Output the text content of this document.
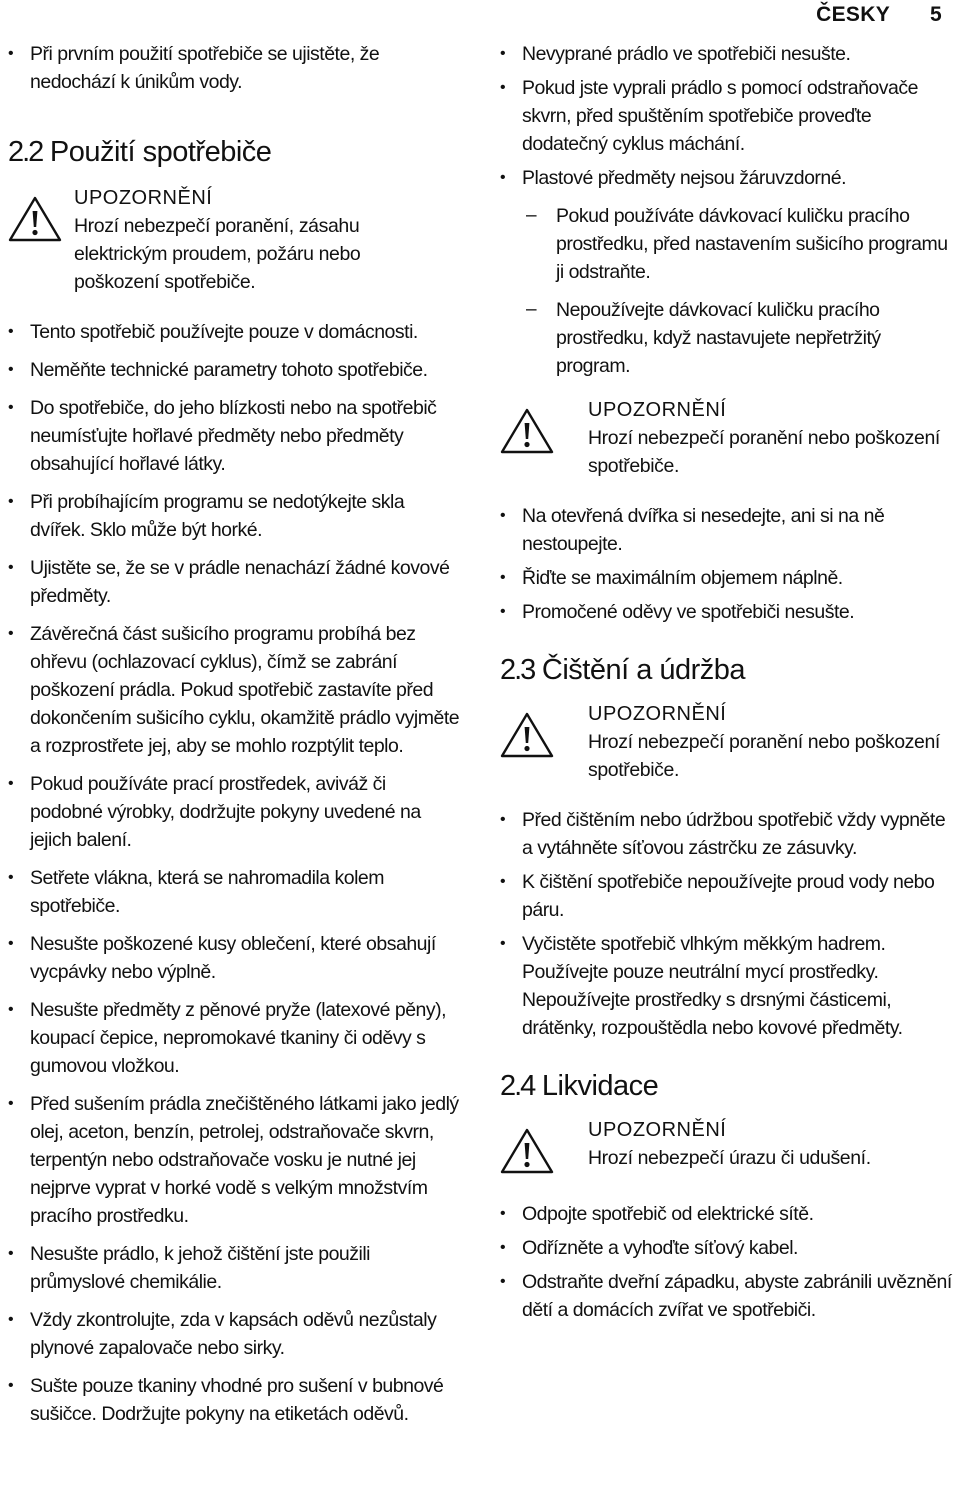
ČESKY 5
• Při prvním použití spotřebiče se ujistěte, že nedochází k únikům vody.
2.2 Použití spotřebiče
UPOZORNĚNÍ
Hrozí nebezpečí poranění, zásahu elektrickým proudem, požáru nebo poškození spotřebiče.
• Tento spotřebič používejte pouze v domácnosti.
• Neměňte technické parametry tohoto spotřebiče.
• Do spotřebiče, do jeho blízkosti nebo na spotřebič neumísťujte hořlavé předměty nebo předměty obsahující hořlavé látky.
• Při probíhajícím programu se nedotýkejte skla dvířek. Sklo může být horké.
• Ujistěte se, že se v prádle nenachází žádné kovové předměty.
• Závěrečná část sušicího programu probíhá bez ohřevu (ochlazovací cyklus), čímž se zabrání poškození prádla. Pokud spotřebič zastavíte před dokončením sušicího cyklu, okamžitě prádlo vyjměte a rozprostřete jej, aby se mohlo rozptýlit teplo.
• Pokud používáte prací prostředek, aviváž či podobné výrobky, dodržujte pokyny uvedené na jejich balení.
• Setřete vlákna, která se nahromadila kolem spotřebiče.
• Nesušte poškozené kusy oblečení, které obsahují vycpávky nebo výplně.
• Nesušte předměty z pěnové pryže (latexové pěny), koupací čepice, nepromokavé tkaniny či oděvy s gumovou vložkou.
• Před sušením prádla znečištěného látkami jako jedlý olej, aceton, benzín, petrolej, odstraňovače skvrn, terpentýn nebo odstraňovače vosku je nutné jej nejprve vyprat v horké vodě s velkým množstvím pracího prostředku.
• Nesušte prádlo, k jehož čištění jste použili průmyslové chemikálie.
• Vždy zkontrolujte, zda v kapsách oděvů nezůstaly plynové zapalovače nebo sirky.
• Sušte pouze tkaniny vhodné pro sušení v bubnové sušičce. Dodržujte pokyny na etiketách oděvů.
• Nevyprané prádlo ve spotřebiči nesušte.
• Pokud jste vyprali prádlo s pomocí odstraňovače skvrn, před spuštěním spotřebiče proveďte dodatečný cyklus máchání.
• Plastové předměty nejsou žáruvzdorné.
– Pokud používáte dávkovací kuličku pracího prostředku, před nastavením sušicího programu ji odstraňte.
– Nepoužívejte dávkovací kuličku pracího prostředku, když nastavujete nepřetržitý program.
UPOZORNĚNÍ
Hrozí nebezpečí poranění nebo poškození spotřebiče.
• Na otevřená dvířka si nesedejte, ani si na ně nestoupejte.
• Řiďte se maximálním objemem náplně.
• Promočené oděvy ve spotřebiči nesušte.
2.3 Čištění a údržba
UPOZORNĚNÍ
Hrozí nebezpečí poranění nebo poškození spotřebiče.
• Před čištěním nebo údržbou spotřebič vždy vypněte a vytáhněte síťovou zástrčku ze zásuvky.
• K čištění spotřebiče nepoužívejte proud vody nebo páru.
• Vyčistěte spotřebič vlhkým měkkým hadrem. Používejte pouze neutrální mycí prostředky. Nepoužívejte prostředky s drsnými částicemi, drátěnky, rozpouštědla nebo kovové předměty.
2.4 Likvidace
UPOZORNĚNÍ
Hrozí nebezpečí úrazu či udušení.
• Odpojte spotřebič od elektrické sítě.
• Odřízněte a vyhoďte síťový kabel.
• Odstraňte dveřní západku, abyste zabránili uvěznění dětí a domácích zvířat ve spotřebiči.
